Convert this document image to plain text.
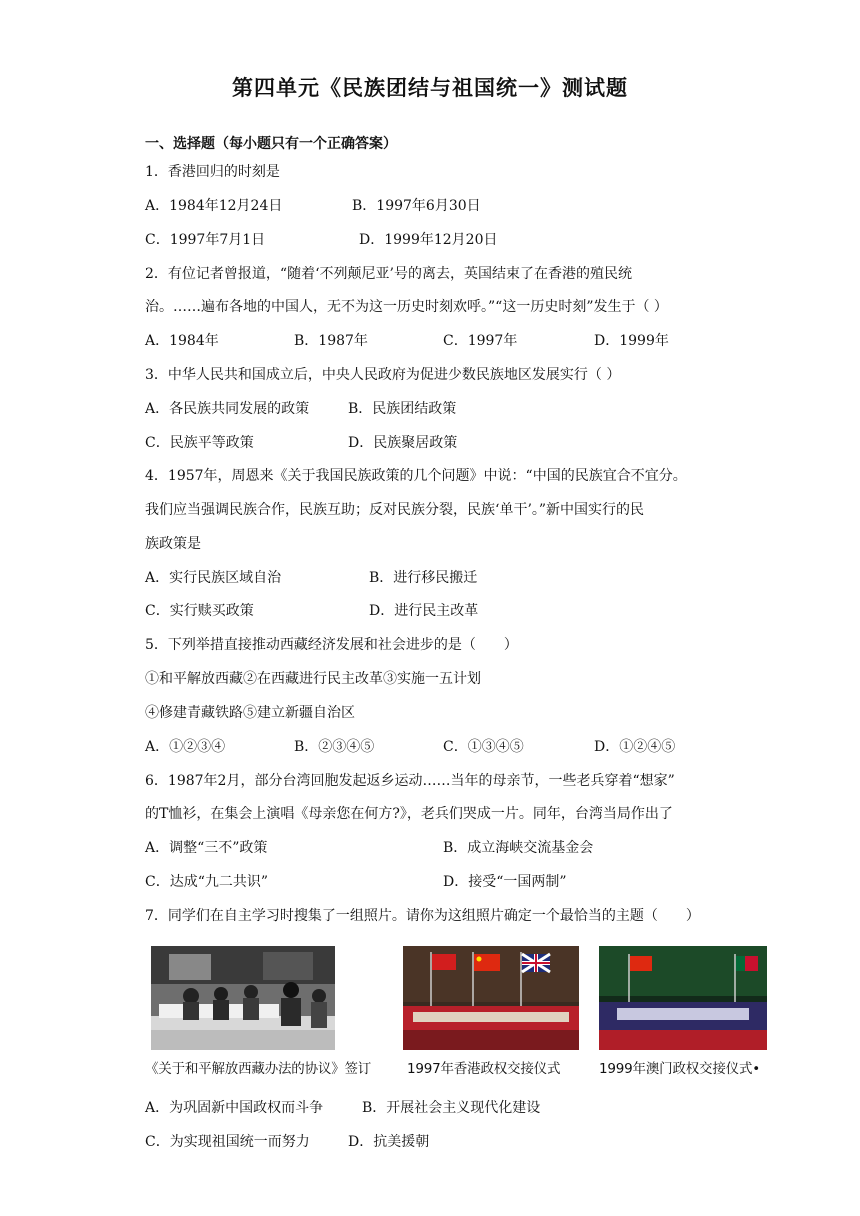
第四单元《民族团结与祖国统一》测试题
一、选择题（每小题只有一个正确答案）
1．香港回归的时刻是
A．1984年12月24日	B．1997年6月30日
C．1997年7月1日	D．1999年12月20日
2．有位记者曾报道，“随着‘不列颠尼亚’号的离去，英国结束了在香港的殖民统
治。……遍布各地的中国人，无不为这一历史时刻欢呼。”“这一历史时刻”发生于（ ）
A．1984年	B．1987年	C．1997年	D．1999年
3．中华人民共和国成立后，中央人民政府为促进少数民族地区发展实行（ ）
A．各民族共同发展的政策	B．民族团结政策
C．民族平等政策	D．民族聚居政策
4．1957年，周恩来《关于我国民族政策的几个问题》中说：“中国的民族宜合不宜分。
我们应当强调民族合作，民族互助；反对民族分裂，民族‘单干’。”新中国实行的民
族政策是
A．实行民族区域自治	B．进行移民搬迁
C．实行赎买政策	D．进行民主改革
5．下列举措直接推动西藏经济发展和社会进步的是（　　）
①和平解放西藏②在西藏进行民主改革③实施一五计划
④修建青藏铁路⑤建立新疆自治区
A．①②③④	B．②③④⑤	C．①③④⑤	D．①②④⑤
6．1987年2月，部分台湾回胞发起返乡运动……当年的母亲节，一些老兵穿着“想家”
的T恤衫，在集会上演唱《母亲您在何方?》，老兵们哭成一片。同年，台湾当局作出了
A．调整“三不”政策	B．成立海峡交流基金会
C．达成“九二共识”	D．接受“一国两制”
7．同学们在自主学习时搜集了一组照片。请你为这组照片确定一个最恰当的主题（　　）
《关于和平解放西藏办法的协议》签订	1997年香港政权交接仪式	1999年澳门政权交接仪式•
A．为巩固新中国政权而斗争	B．开展社会主义现代化建设
C．为实现祖国统一而努力	D．抗美援朝
